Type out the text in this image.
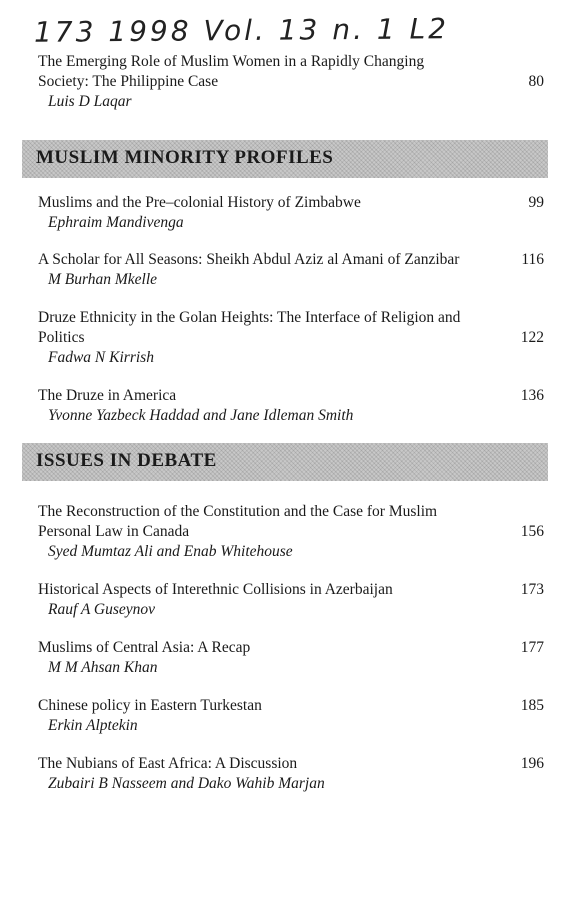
173 1998 Vol. 13 n. 1 L2
The Emerging Role of Muslim Women in a Rapidly Changing Society: The Philippine Case
Luis D Laqar
80
MUSLIM MINORITY PROFILES
Muslims and the Pre–colonial History of Zimbabwe
Ephraim Mandivenga
99
A Scholar for All Seasons: Sheikh Abdul Aziz al Amani of Zanzibar
M Burhan Mkelle
116
Druze Ethnicity in the Golan Heights: The Interface of Religion and Politics
Fadwa N Kirrish
122
The Druze in America
Yvonne Yazbeck Haddad and Jane Idleman Smith
136
ISSUES IN DEBATE
The Reconstruction of the Constitution and the Case for Muslim Personal Law in Canada
Syed Mumtaz Ali and Enab Whitehouse
156
Historical Aspects of Interethnic Collisions in Azerbaijan
Rauf A Guseynov
173
Muslims of Central Asia: A Recap
M M Ahsan Khan
177
Chinese policy in Eastern Turkestan
Erkin Alptekin
185
The Nubians of East Africa: A Discussion
Zubairi B Nasseem and Dako Wahib Marjan
196
